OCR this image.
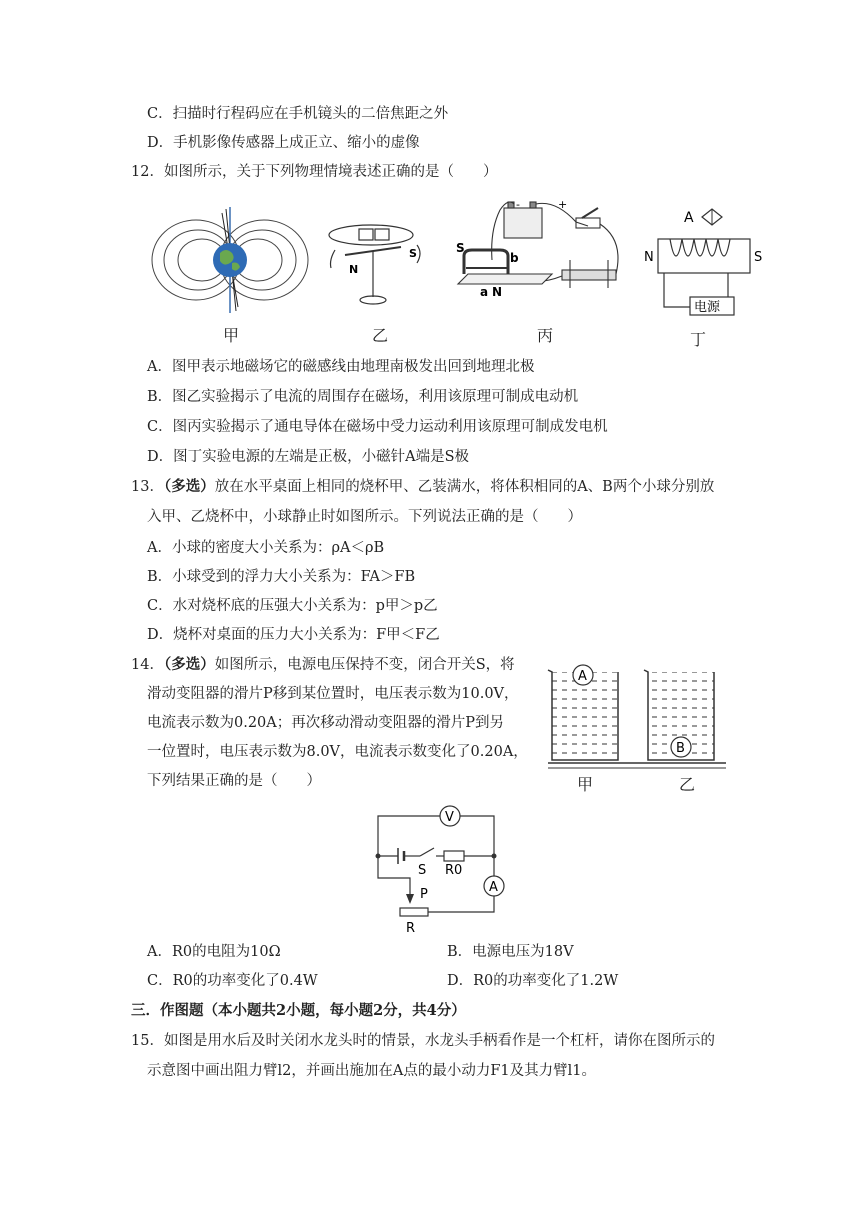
C．扫描时行程码应在手机镜头的二倍焦距之外
D．手机影像传感器上成正立、缩小的虚像
12．如图所示，关于下列物理情境表述正确的是（　　）
甲
N
S
乙
S
b
a N
-	+
丙
A
电源
N	S
丁
A．图甲表示地磁场它的磁感线由地理南极发出回到地理北极
B．图乙实验揭示了电流的周围存在磁场，利用该原理可制成电动机
C．图丙实验揭示了通电导体在磁场中受力运动利用该原理可制成发电机
D．图丁实验电源的左端是正极，小磁针A端是S极
13．（多选）放在水平桌面上相同的烧杯甲、乙装满水，将体积相同的A、B两个小球分别放
入甲、乙烧杯中，小球静止时如图所示。下列说法正确的是（　　）
A．小球的密度大小关系为：ρA＜ρB
B．小球受到的浮力大小关系为：FA＞FB
C．水对烧杯底的压强大小关系为：p甲＞p乙
D．烧杯对桌面的压力大小关系为：F甲＜F乙
14．（多选）如图所示，电源电压保持不变，闭合开关S，将
滑动变阻器的滑片P移到某位置时，电压表示数为10.0V，
电流表示数为0.20A；再次移动滑动变阻器的滑片P到另
一位置时，电压表示数为8.0V，电流表示数变化了0.20A，
下列结果正确的是（　　）
A
B
甲	乙
V
A
S R0
P
R
A．R0的电阻为10Ω	B．电源电压为18V
C．R0的功率变化了0.4W	D．R0的功率变化了1.2W
三．作图题（本小题共2小题，每小题2分，共4分）
15．如图是用水后及时关闭水龙头时的情景，水龙头手柄看作是一个杠杆，请你在图所示的
示意图中画出阻力臂l2，并画出施加在A点的最小动力F1及其力臂l1。
